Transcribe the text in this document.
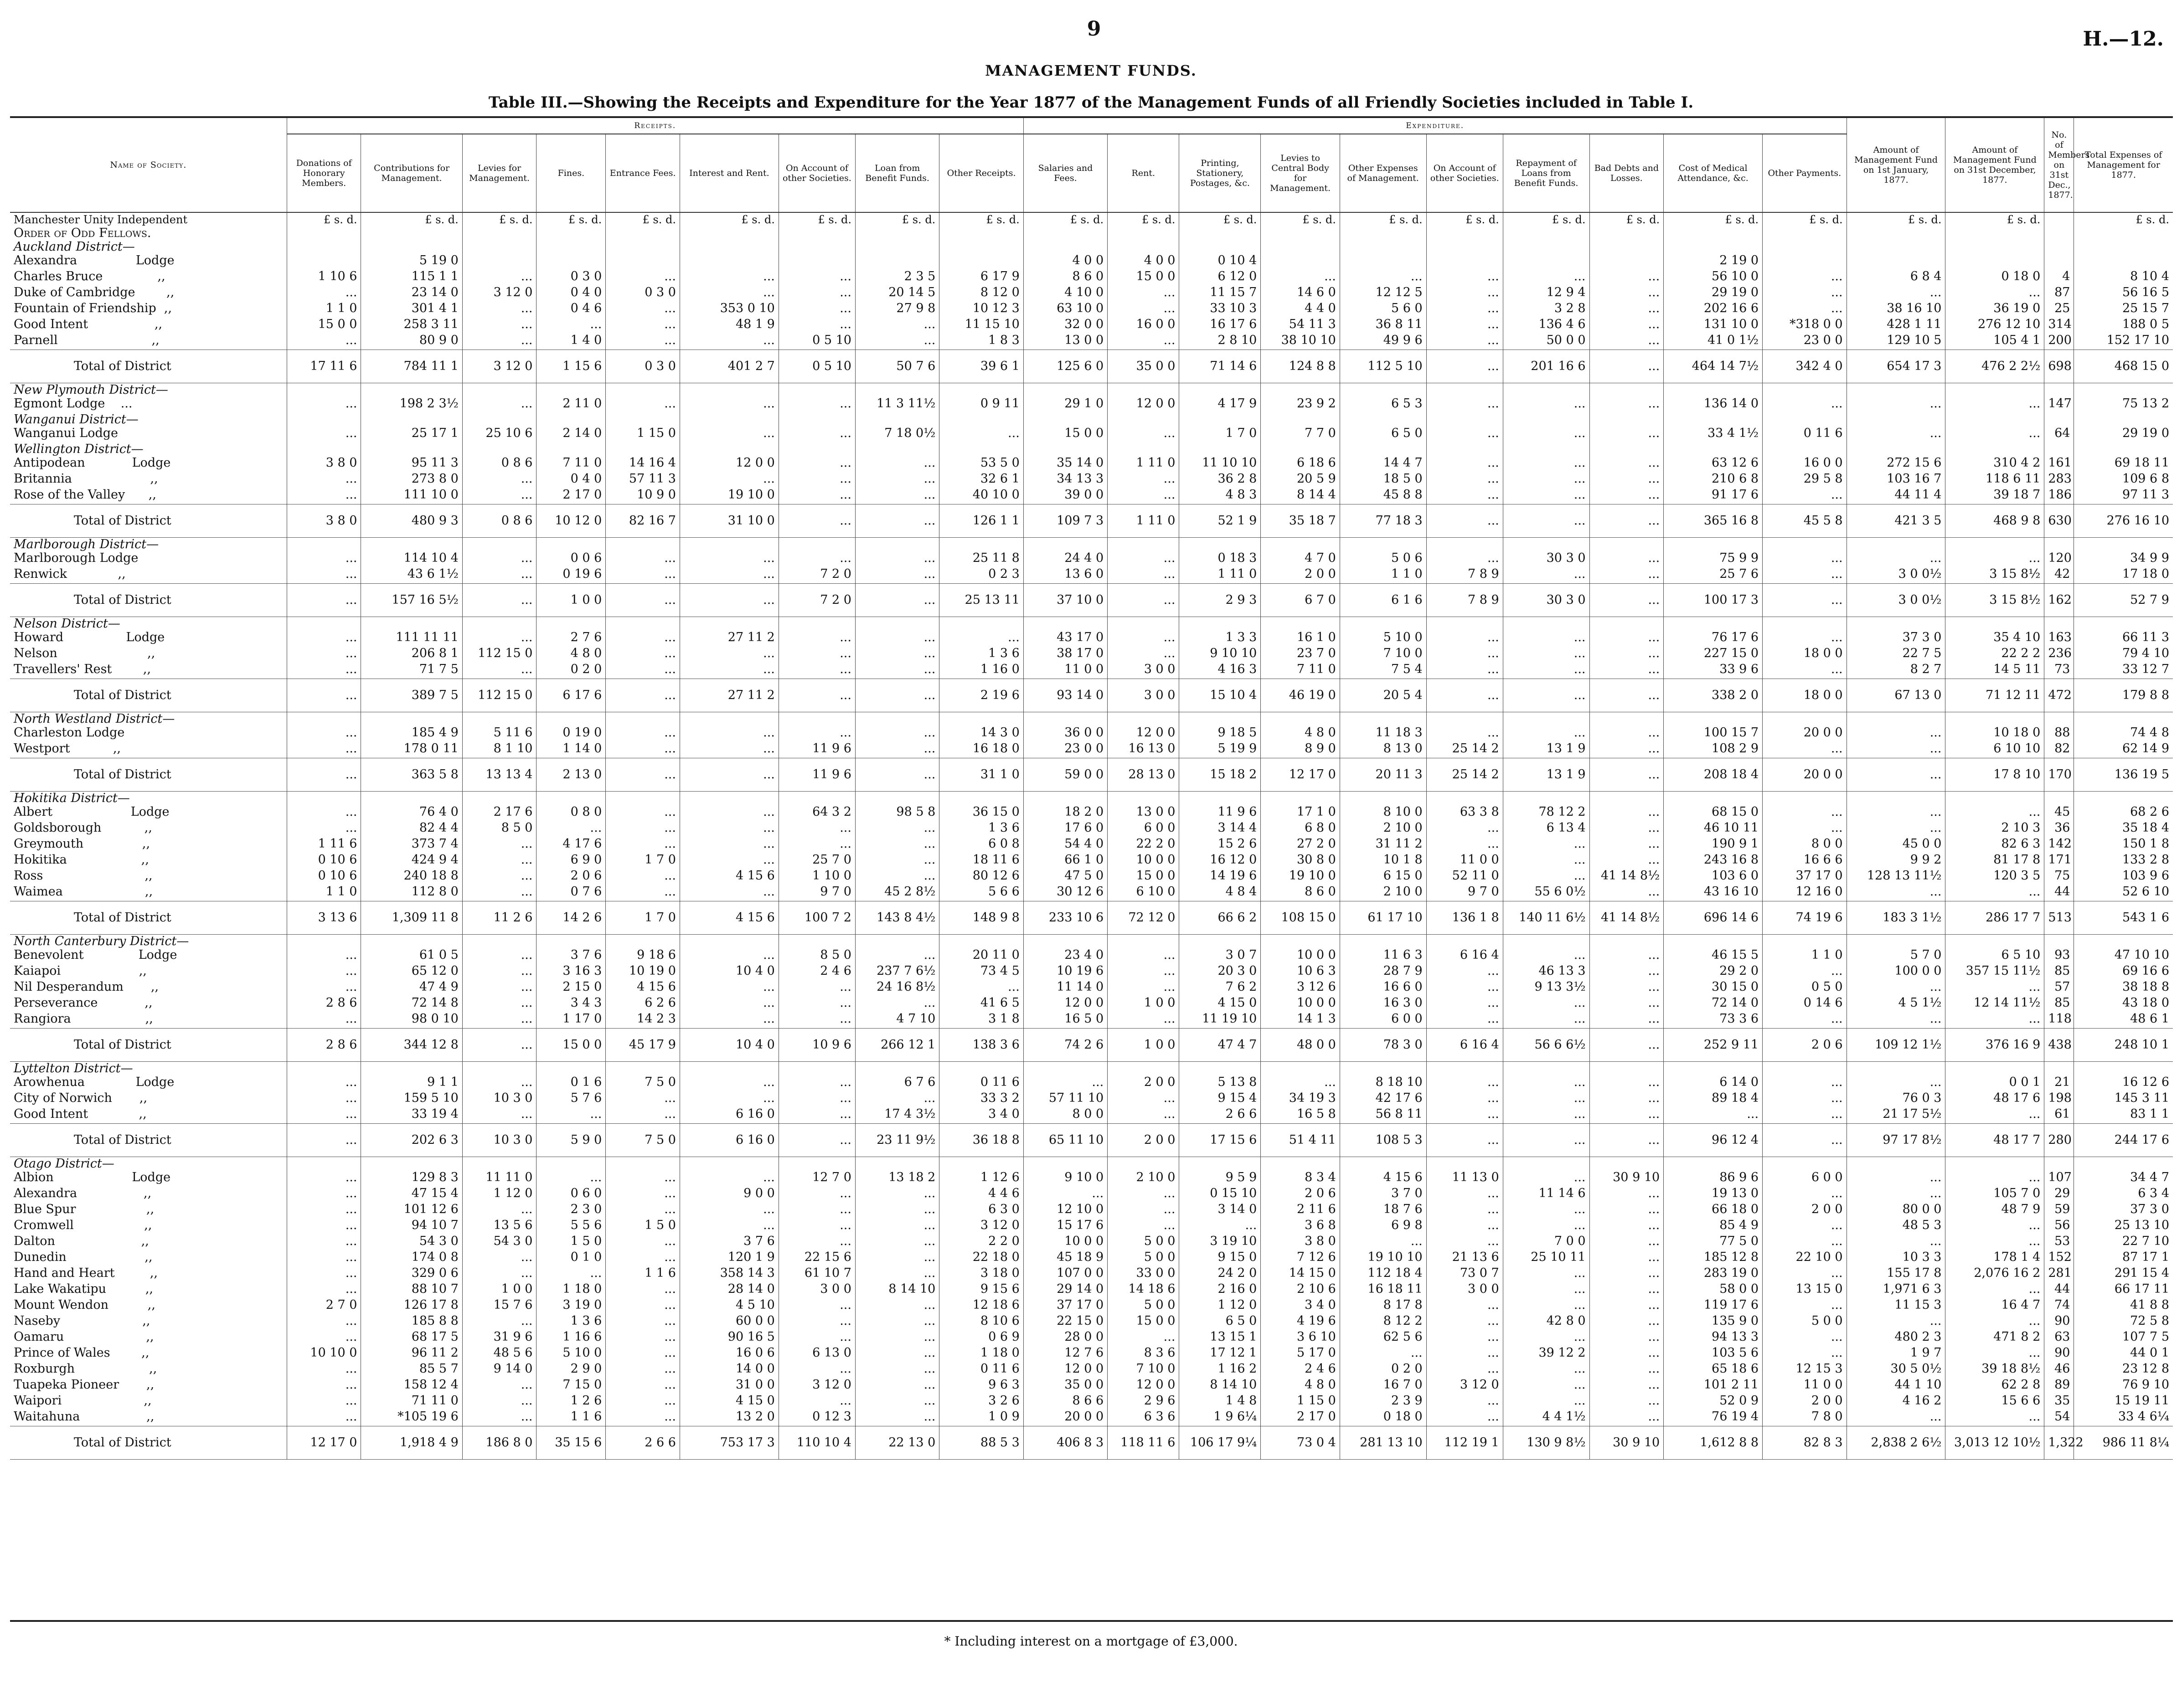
9	H.—12.
MANAGEMENT FUNDS.
Table III.—Showing the Receipts and Expenditure for the Year 1877 of the Management Funds of all Friendly Societies included in Table I.
Name of Society.	Receipts.									Expenditure.										Amount of Management Fund on 1st January, 1877.	Amount of Management Fund on 31st December, 1877.	No. of Members on 31st Dec., 1877.	Total Expenses of Management for 1877.
	Donations of Honorary Members.	Contributions for Management.	Levies for Management.	Fines.	Entrance Fees.	Interest and Rent.	On Account of other Societies.	Loan from Benefit Funds.	Other Receipts.	Salaries and Fees.	Rent.	Printing, Stationery, Postages, &c.	Levies to Central Body for Management.	Other Expenses of Management.	On Account of other Societies.	Repayment of Loans from Benefit Funds.	Bad Debts and Losses.	Cost of Medical Attendance, &c.	Other Payments.				
Manchester Unity Independent	£ s. d.	£ s. d.	£ s. d.	£ s. d.	£ s. d.	£ s. d.	£ s. d.	£ s. d.	£ s. d.	£ s. d.	£ s. d.	£ s. d.	£ s. d.	£ s. d.	£ s. d.	£ s. d.	£ s. d.	£ s. d.	£ s. d.	£ s. d.	£ s. d.		£ s. d.
Order of Odd Fellows.																							
Auckland District—																							
Alexandra               Lodge		5 19 0								4 0 0	4 0 0	0 10 4						2 19 0					
Charles Bruce              ,,	1 10 6	115 1 1	...	0 3 0	...	...	...	2 3 5	6 17 9	8 6 0	15 0 0	6 12 0	...	...	...	...	...	56 10 0	...	6 8 4	0 18 0	4	8 10 4
Duke of Cambridge        ,,	...	23 14 0	3 12 0	0 4 0	0 3 0	...	...	20 14 5	8 12 0	4 10 0	...	11 15 7	14 6 0	12 12 5	...	12 9 4	...	29 19 0	...	...	...	87	56 16 5
Fountain of Friendship  ,,	1 1 0	301 4 1	...	0 4 6	...	353 0 10	...	27 9 8	10 12 3	63 10 0	...	33 10 3	4 4 0	5 6 0	...	3 2 8	...	202 16 6	...	38 16 10	36 19 0	25	25 15 7
Good Intent                 ,,	15 0 0	258 3 11	...	...	...	48 1 9	...	...	11 15 10	32 0 0	16 0 0	16 17 6	54 11 3	36 8 11	...	136 4 6	...	131 10 0	*318 0 0	428 1 11	276 12 10	314	188 0 5
Parnell                        ,,	...	80 9 0	...	1 4 0	...	...	0 5 10	...	1 8 3	13 0 0	...	2 8 10	38 10 10	49 9 6	...	50 0 0	...	41 0 1½	23 0 0	129 10 5	105 4 1	200	152 17 10
Total of District	17 11 6	784 11 1	3 12 0	1 15 6	0 3 0	401 2 7	0 5 10	50 7 6	39 6 1	125 6 0	35 0 0	71 14 6	124 8 8	112 5 10	...	201 16 6	...	464 14 7½	342 4 0	654 17 3	476 2 2½	698	468 15 0
New Plymouth District—																							
Egmont Lodge    ...	...	198 2 3½	...	2 11 0	...	...	...	11 3 11½	0 9 11	29 1 0	12 0 0	4 17 9	23 9 2	6 5 3	...	...	...	136 14 0	...	...	...	147	75 13 2
Wanganui District—																							
Wanganui Lodge	...	25 17 1	25 10 6	2 14 0	1 15 0	...	...	7 18 0½	...	15 0 0	...	1 7 0	7 7 0	6 5 0	...	...	...	33 4 1½	0 11 6	...	...	64	29 19 0
Wellington District—																							
Antipodean            Lodge	3 8 0	95 11 3	0 8 6	7 11 0	14 16 4	12 0 0	...	...	53 5 0	35 14 0	1 11 0	11 10 10	6 18 6	14 4 7	...	...	...	63 12 6	16 0 0	272 15 6	310 4 2	161	69 18 11
Britannia                    ,,	...	273 8 0	...	0 4 0	57 11 3	...	...	...	32 6 1	34 13 3	...	36 2 8	20 5 9	18 5 0	...	...	...	210 6 8	29 5 8	103 16 7	118 6 11	283	109 6 8
Rose of the Valley      ,,	...	111 10 0	...	2 17 0	10 9 0	19 10 0	...	...	40 10 0	39 0 0	...	4 8 3	8 14 4	45 8 8	...	...	...	91 17 6	...	44 11 4	39 18 7	186	97 11 3
Total of District	3 8 0	480 9 3	0 8 6	10 12 0	82 16 7	31 10 0	...	...	126 1 1	109 7 3	1 11 0	52 1 9	35 18 7	77 18 3	...	...	...	365 16 8	45 5 8	421 3 5	468 9 8	630	276 16 10
Marlborough District—																							
Marlborough Lodge	...	114 10 4	...	0 0 6	...	...	...	...	25 11 8	24 4 0	...	0 18 3	4 7 0	5 0 6	...	30 3 0	...	75 9 9	...	...	...	120	34 9 9
Renwick             ,,	...	43 6 1½	...	0 19 6	...	...	7 2 0	...	0 2 3	13 6 0	...	1 11 0	2 0 0	1 1 0	7 8 9	...	...	25 7 6	...	3 0 0½	3 15 8½	42	17 18 0
Total of District	...	157 16 5½	...	1 0 0	...	...	7 2 0	...	25 13 11	37 10 0	...	2 9 3	6 7 0	6 1 6	7 8 9	30 3 0	...	100 17 3	...	3 0 0½	3 15 8½	162	52 7 9
Nelson District—																							
Howard                Lodge	...	111 11 11	...	2 7 6	...	27 11 2	...	...	...	43 17 0	...	1 3 3	16 1 0	5 10 0	...	...	...	76 17 6	...	37 3 0	35 4 10	163	66 11 3
Nelson                       ,,	...	206 8 1	112 15 0	4 8 0	...	...	...	...	1 3 6	38 17 0	...	9 10 10	23 7 0	7 10 0	...	...	...	227 15 0	18 0 0	22 7 5	22 2 2	236	79 4 10
Travellers' Rest        ,,	...	71 7 5	...	0 2 0	...	...	...	...	1 16 0	11 0 0	3 0 0	4 16 3	7 11 0	7 5 4	...	...	...	33 9 6	...	8 2 7	14 5 11	73	33 12 7
Total of District	...	389 7 5	112 15 0	6 17 6	...	27 11 2	...	...	2 19 6	93 14 0	3 0 0	15 10 4	46 19 0	20 5 4	...	...	...	338 2 0	18 0 0	67 13 0	71 12 11	472	179 8 8
North Westland District—																							
Charleston Lodge	...	185 4 9	5 11 6	0 19 0	...	...	...	...	14 3 0	36 0 0	12 0 0	9 18 5	4 8 0	11 18 3	...	...	...	100 15 7	20 0 0	...	10 18 0	88	74 4 8
Westport           ,,	...	178 0 11	8 1 10	1 14 0	...	...	11 9 6	...	16 18 0	23 0 0	16 13 0	5 19 9	8 9 0	8 13 0	25 14 2	13 1 9	...	108 2 9	...	...	6 10 10	82	62 14 9
Total of District	...	363 5 8	13 13 4	2 13 0	...	...	11 9 6	...	31 1 0	59 0 0	28 13 0	15 18 2	12 17 0	20 11 3	25 14 2	13 1 9	...	208 18 4	20 0 0	...	17 8 10	170	136 19 5
Hokitika District—																							
Albert                    Lodge	...	76 4 0	2 17 6	0 8 0	...	...	64 3 2	98 5 8	36 15 0	18 2 0	13 0 0	11 9 6	17 1 0	8 10 0	63 3 8	78 12 2	...	68 15 0	...	...	...	45	68 2 6
Goldsborough           ,,	...	82 4 4	8 5 0	...	...	...	...	...	1 3 6	17 6 0	6 0 0	3 14 4	6 8 0	2 10 0	...	6 13 4	...	46 10 11	...	...	2 10 3	36	35 18 4
Greymouth               ,,	1 11 6	373 7 4	...	4 17 6	...	...	...	...	6 0 8	54 4 0	22 2 0	15 2 6	27 2 0	31 11 2	...	...	...	190 9 1	8 0 0	45 0 0	82 6 3	142	150 1 8
Hokitika                   ,,	0 10 6	424 9 4	...	6 9 0	1 7 0	...	25 7 0	...	18 11 6	66 1 0	10 0 0	16 12 0	30 8 0	10 1 8	11 0 0	...	...	243 16 8	16 6 6	9 9 2	81 17 8	171	133 2 8
Ross                          ,,	0 10 6	240 18 8	...	2 0 6	...	4 15 6	1 10 0	...	80 12 6	47 5 0	15 0 0	14 19 6	19 10 0	6 15 0	52 11 0	...	41 14 8½	103 6 0	37 17 0	128 13 11½	120 3 5	75	103 9 6
Waimea                     ,,	1 1 0	112 8 0	...	0 7 6	...	...	9 7 0	45 2 8½	5 6 6	30 12 6	6 10 0	4 8 4	8 6 0	2 10 0	9 7 0	55 6 0½	...	43 16 10	12 16 0	...	...	44	52 6 10
Total of District	3 13 6	1,309 11 8	11 2 6	14 2 6	1 7 0	4 15 6	100 7 2	143 8 4½	148 9 8	233 10 6	72 12 0	66 6 2	108 15 0	61 17 10	136 1 8	140 11 6½	41 14 8½	696 14 6	74 19 6	183 3 1½	286 17 7	513	543 1 6
North Canterbury District—																							
Benevolent              Lodge	...	61 0 5	...	3 7 6	9 18 6	...	8 5 0	...	20 11 0	23 4 0	...	3 0 7	10 0 0	11 6 3	6 16 4	...	...	46 15 5	1 1 0	5 7 0	6 5 10	93	47 10 10
Kaiapoi                    ,,	...	65 12 0	...	3 16 3	10 19 0	10 4 0	2 4 6	237 7 6½	73 4 5	10 19 6	...	20 3 0	10 6 3	28 7 9	...	46 13 3	...	29 2 0	...	100 0 0	357 15 11½	85	69 16 6
Nil Desperandum       ,,	...	47 4 9	...	2 15 0	4 15 6	...	...	24 16 8½	...	11 14 0	...	7 6 2	3 12 6	16 6 0	...	9 13 3½	...	30 15 0	0 5 0	...	...	57	38 18 8
Perseverance            ,,	2 8 6	72 14 8	...	3 4 3	6 2 6	...	...	...	41 6 5	12 0 0	1 0 0	4 15 0	10 0 0	16 3 0	...	...	...	72 14 0	0 14 6	4 5 1½	12 14 11½	85	43 18 0
Rangiora                   ,,	...	98 0 10	...	1 17 0	14 2 3	...	...	4 7 10	3 1 8	16 5 0	...	11 19 10	14 1 3	6 0 0	...	...	...	73 3 6	...	...	...	118	48 6 1
Total of District	2 8 6	344 12 8	...	15 0 0	45 17 9	10 4 0	10 9 6	266 12 1	138 3 6	74 2 6	1 0 0	47 4 7	48 0 0	78 3 0	6 16 4	56 6 6½	...	252 9 11	2 0 6	109 12 1½	376 16 9	438	248 10 1
Lyttelton District—																							
Arowhenua             Lodge	...	9 1 1	...	0 1 6	7 5 0	...	...	6 7 6	0 11 6	...	2 0 0	5 13 8	...	8 18 10	...	...	...	6 14 0	...	...	0 0 1	21	16 12 6
City of Norwich       ,,	...	159 5 10	10 3 0	5 7 6	...	...	...	...	33 3 2	57 11 10	...	9 15 4	34 19 3	42 17 6	...	...	...	89 18 4	...	76 0 3	48 17 6	198	145 3 11
Good Intent             ,,	...	33 19 4	...	...	...	6 16 0	...	17 4 3½	3 4 0	8 0 0	...	2 6 6	16 5 8	56 8 11	...	...	...	...	...	21 17 5½	...	61	83 1 1
Total of District	...	202 6 3	10 3 0	5 9 0	7 5 0	6 16 0	...	23 11 9½	36 18 8	65 11 10	2 0 0	17 15 6	51 4 11	108 5 3	...	...	...	96 12 4	...	97 17 8½	48 17 7	280	244 17 6
Otago District—																							
Albion                    Lodge	...	129 8 3	11 11 0	...	...	...	12 7 0	13 18 2	1 12 6	9 10 0	2 10 0	9 5 9	8 3 4	4 15 6	11 13 0	...	30 9 10	86 9 6	6 0 0	...	...	107	34 4 7
Alexandra                 ,,	...	47 15 4	1 12 0	0 6 0	...	9 0 0	...	...	4 4 6	...	...	0 15 10	2 0 6	3 7 0	...	11 14 6	...	19 13 0	...	...	105 7 0	29	6 3 4
Blue Spur                  ,,	...	101 12 6	...	2 3 0	...	...	...	...	6 3 0	12 10 0	...	3 14 0	2 11 6	18 7 6	...	...	...	66 18 0	2 0 0	80 0 0	48 7 9	59	37 3 0
Cromwell                  ,,	...	94 10 7	13 5 6	5 5 6	1 5 0	...	...	...	3 12 0	15 17 6	...	...	3 6 8	6 9 8	...	...	...	85 4 9	...	48 5 3	...	56	25 13 10
Dalton                      ,,	...	54 3 0	54 3 0	1 5 0	...	3 7 6	...	...	2 2 0	10 0 0	5 0 0	3 19 10	3 8 0	...	...	7 0 0	...	77 5 0	...	...	...	53	22 7 10
Dunedin                    ,,	...	174 0 8	...	0 1 0	...	120 1 9	22 15 6	...	22 18 0	45 18 9	5 0 0	9 15 0	7 12 6	19 10 10	21 13 6	25 10 11	...	185 12 8	22 10 0	10 3 3	178 1 4	152	87 17 1
Hand and Heart         ,,	...	329 0 6	...	...	1 1 6	358 14 3	61 10 7	...	3 18 0	107 0 0	33 0 0	24 2 0	14 15 0	112 18 4	73 0 7	...	...	283 19 0	...	155 17 8	2,076 16 2	281	291 15 4
Lake Wakatipu          ,,	...	88 10 7	1 0 0	1 18 0	...	28 14 0	3 0 0	8 14 10	9 15 6	29 14 0	14 18 6	2 16 0	2 10 6	16 18 11	3 0 0	...	...	58 0 0	13 15 0	1,971 6 3	...	44	66 17 11
Mount Wendon          ,,	2 7 0	126 17 8	15 7 6	3 19 0	...	4 5 10	...	...	12 18 6	37 17 0	5 0 0	1 12 0	3 4 0	8 17 8	...	...	...	119 17 6	...	11 15 3	16 4 7	74	41 8 8
Naseby                     ,,	...	185 8 8	...	1 3 6	...	60 0 0	...	...	8 10 6	22 15 0	15 0 0	6 5 0	4 19 6	8 12 2	...	42 8 0	...	135 9 0	5 0 0	...	...	90	72 5 8
Oamaru                     ,,	...	68 17 5	31 9 6	1 16 6	...	90 16 5	...	...	0 6 9	28 0 0	...	13 15 1	3 6 10	62 5 6	...	...	...	94 13 3	...	480 2 3	471 8 2	63	107 7 5
Prince of Wales        ,,	10 10 0	96 11 2	48 5 6	5 10 0	...	16 0 6	6 13 0	...	1 18 0	12 7 6	8 3 6	17 12 1	5 17 0	...	...	39 12 2	...	103 5 6	...	1 9 7	...	90	44 0 1
Roxburgh                   ,,	...	85 5 7	9 14 0	2 9 0	...	14 0 0	...	...	0 11 6	12 0 0	7 10 0	1 16 2	2 4 6	0 2 0	...	...	...	65 18 6	12 15 3	30 5 0½	39 18 8½	46	23 12 8
Tuapeka Pioneer       ,,	...	158 12 4	...	7 15 0	...	31 0 0	3 12 0	...	9 6 3	35 0 0	12 0 0	8 14 10	4 8 0	16 7 0	3 12 0	...	...	101 2 11	11 0 0	44 1 10	62 2 8	89	76 9 10
Waipori                     ,,	...	71 11 0	...	1 2 6	...	4 15 0	...	...	3 2 6	8 6 6	2 9 6	1 4 8	1 15 0	2 3 9	...	...	...	52 0 9	2 0 0	4 16 2	15 6 6	35	15 19 11
Waitahuna                 ,,	...	*105 19 6	...	1 1 6	...	13 2 0	0 12 3	...	1 0 9	20 0 0	6 3 6	1 9 6¼	2 17 0	0 18 0	...	4 4 1½	...	76 19 4	7 8 0	...	...	54	33 4 6¼
Total of District	12 17 0	1,918 4 9	186 8 0	35 15 6	2 6 6	753 17 3	110 10 4	22 13 0	88 5 3	406 8 3	118 11 6	106 17 9¼	73 0 4	281 13 10	112 19 1	130 9 8½	30 9 10	1,612 8 8	82 8 3	2,838 2 6½	3,013 12 10½	1,322	986 11 8¼
* Including interest on a mortgage of £3,000.
